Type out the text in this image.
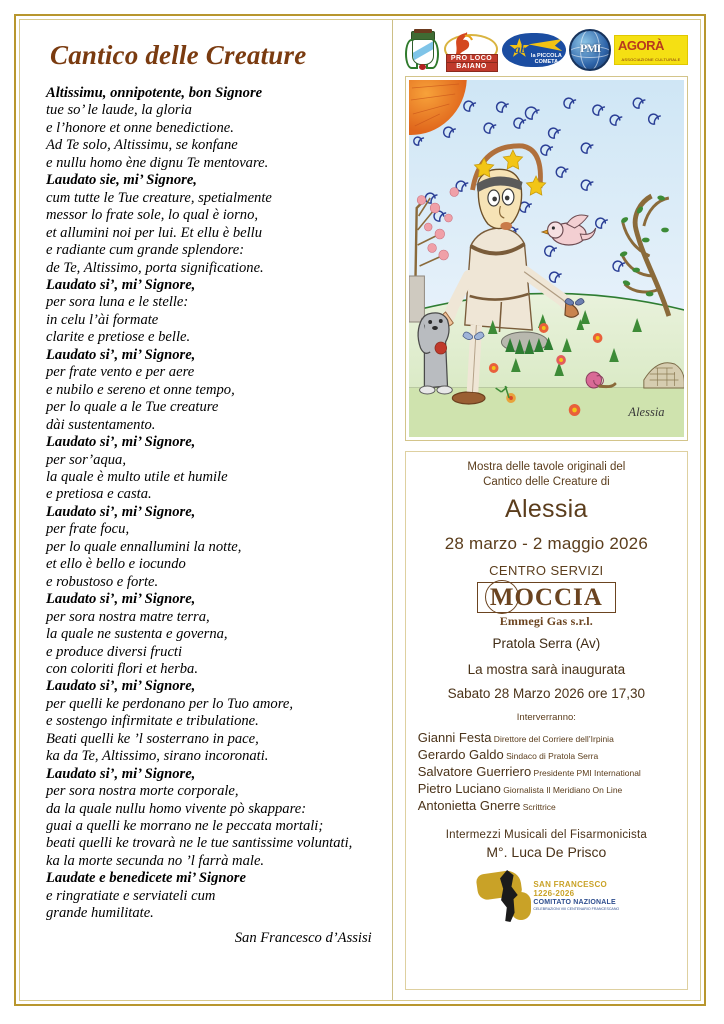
Cantico delle Creature
Altissimu, onnipotente, bon Signore
tue so’ le laude, la gloria
e l’honore et onne benedictione.
Ad Te solo, Altissimu, se konfane
e nullu homo ène dignu Te mentovare.
Laudato sie, mi’ Signore,
cum tutte le Tue creature, spetialmente
messor lo frate sole, lo qual è iorno,
et allumini noi per lui. Et ellu è bellu
e radiante cum grande splendore:
de Te, Altissimo, porta significatione.
Laudato si’, mi’ Signore,
per sora luna e le stelle:
in celu l’ài formate
clarite e pretiose e belle.
Laudato si’, mi’ Signore,
per frate vento e per aere
e nubilo e sereno et onne tempo,
per lo quale a le Tue creature
dài sustentamento.
Laudato si’, mi’ Signore,
per sor’aqua,
la quale è multo utile et humile
e pretiosa e casta.
Laudato si’, mi’ Signore,
per frate focu,
per lo quale ennallumini la notte,
et ello è bello e iocundo
e robustoso e forte.
Laudato si’, mi’ Signore,
per sora nostra matre terra,
la quale ne sustenta e governa,
e produce diversi fructi
con coloriti flori et herba.
Laudato si’, mi’ Signore,
per quelli ke perdonano per lo Tuo amore,
e sostengo infirmitate e tribulatione.
Beati quelli ke ’l sosterrano in pace,
ka da Te, Altissimo, sirano incoronati.
Laudato si’, mi’ Signore,
per sora nostra morte corporale,
da la quale nullu homo vivente pò skappare:
guai a quelli ke morrano ne le peccata mortali;
beati quelli ke trovarà ne le tue santissime voluntati,
ka la morte secunda no ’l farrà male.
Laudate e benedicete mi’ Signore
e ringratiate e serviateli cum
grande humilitate.
San Francesco d’Assisi
PRO LOCO
BAIANO
ab la PICCOLA
COMETA
PMI	AGORÀ
ASSOCIAZIONE CULTURALE
Alessia
Mostra delle tavole originali del
Cantico delle Creature di
Alessia
28 marzo - 2 maggio 2026
CENTRO SERVIZI
MOCCIA
Emmegi Gas s.r.l.
Pratola Serra (Av)
La mostra sarà inaugurata
Sabato 28 Marzo 2026 ore 17,30
Interverranno:
Gianni Festa Direttore del Corriere dell’Irpinia
Gerardo Galdo Sindaco di Pratola Serra
Salvatore Guerriero Presidente PMI International
Pietro Luciano Giornalista Il Meridiano On Line
Antonietta Gnerre Scrittrice
Intermezzi Musicali del Fisarmonicista
M°. Luca De Prisco
SAN FRANCESCO
1226-2026
COMITATO NAZIONALE
CELEBRAZIONI VIII CENTENARIO FRANCESCANO
